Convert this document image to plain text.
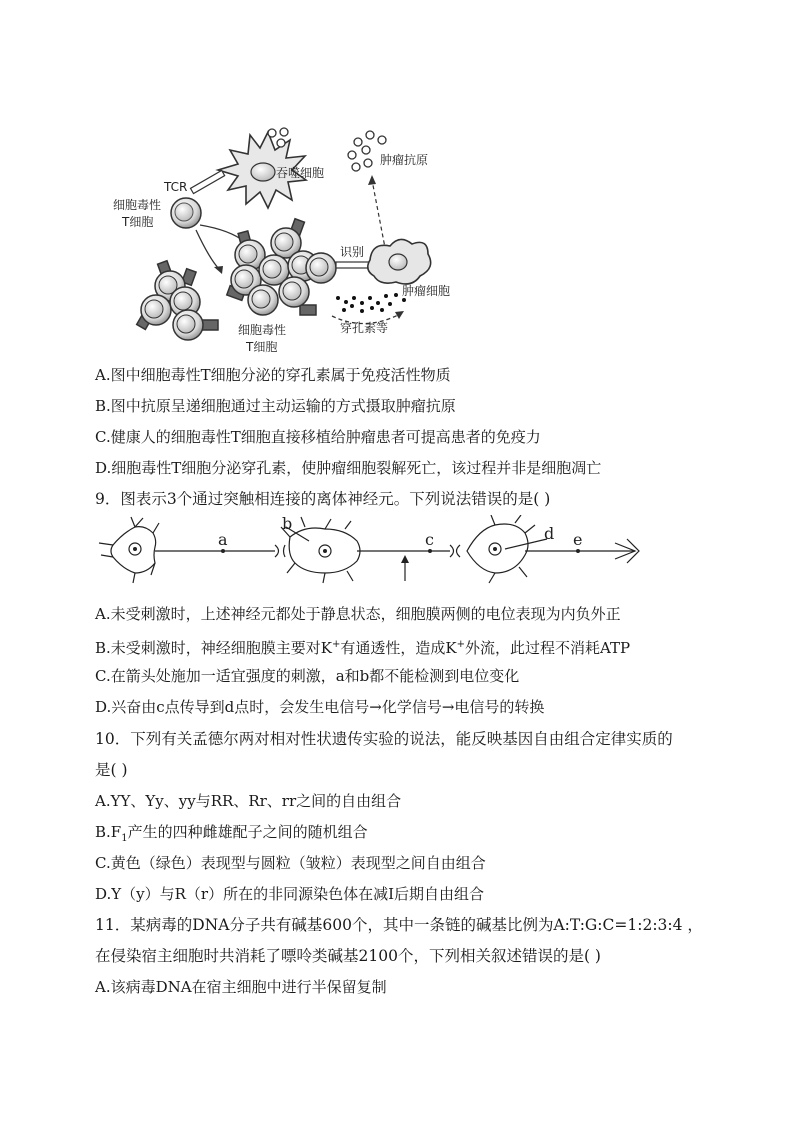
吞噬细胞
肿瘤抗原
TCR
细胞毒性
T细胞
细胞毒性
T细胞
识别
肿瘤细胞
穿孔素等
A.图中细胞毒性T细胞分泌的穿孔素属于免疫活性物质
B.图中抗原呈递细胞通过主动运输的方式摄取肿瘤抗原
C.健康人的细胞毒性T细胞直接移植给肿瘤患者可提高患者的免疫力
D.细胞毒性T细胞分泌穿孔素，使肿瘤细胞裂解死亡，该过程并非是细胞凋亡
9．图表示3个通过突触相连接的离体神经元。下列说法错误的是( )
a
b
c	d e
A.未受刺激时，上述神经元都处于静息状态，细胞膜两侧的电位表现为内负外正
B.未受刺激时，神经细胞膜主要对K+有通透性，造成K+外流，此过程不消耗ATP
C.在箭头处施加一适宜强度的刺激，a和b都不能检测到电位变化
D.兴奋由c点传导到d点时，会发生电信号→化学信号→电信号的转换
10．下列有关孟德尔两对相对性状遗传实验的说法，能反映基因自由组合定律实质的
是( )
A.YY、Yy、yy与RR、Rr、rr之间的自由组合
$B.F_1$产生的四种雌雄配子之间的随机组合
C.黄色（绿色）表现型与圆粒（皱粒）表现型之间自由组合
D.Y（y）与R（r）所在的非同源染色体在减Ⅰ后期自由组合
11．某病毒的DNA分子共有碱基600个，其中一条链的碱基比例为A:T:G:C=1:2:3:4 ，
在侵染宿主细胞时共消耗了嘌呤类碱基2100个，下列相关叙述错误的是( )
A.该病毒DNA在宿主细胞中进行半保留复制
